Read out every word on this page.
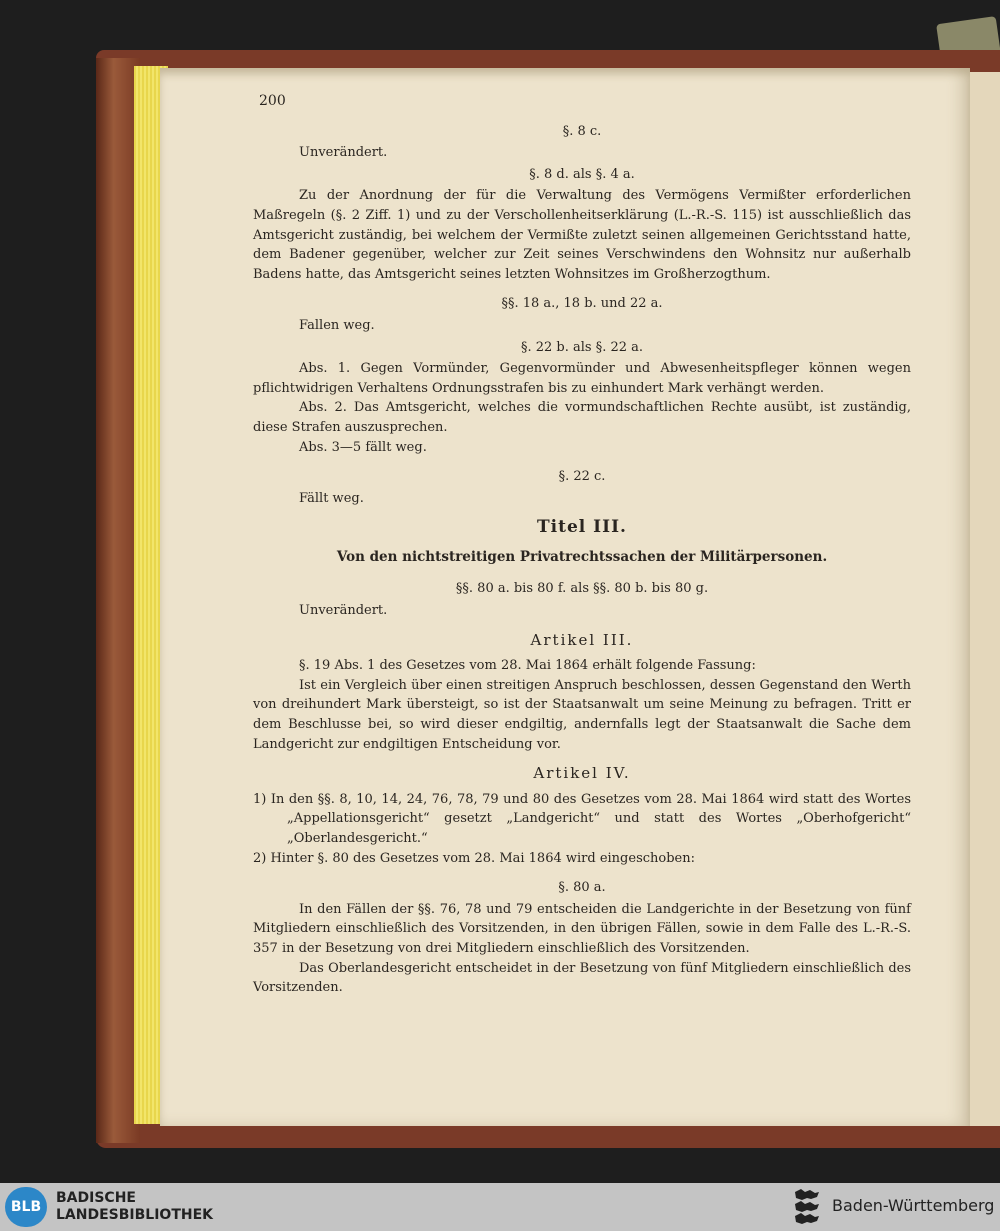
200
§. 8 c.

Unverändert.

§. 8 d. als §. 4 a.

Zu der Anordnung der für die Verwaltung des Vermögens Vermißter erforderlichen Maßregeln (§. 2 Ziff. 1) und zu der Verschollenheitserklärung (L.-R.-S. 115) ist ausschließlich das Amtsgericht zuständig, bei welchem der Vermißte zuletzt seinen allgemeinen Gerichtsstand hatte, dem Badener gegenüber, welcher zur Zeit seines Verschwindens den Wohnsitz nur außerhalb Badens hatte, das Amtsgericht seines letzten Wohnsitzes im Großherzogthum.

§§. 18 a., 18 b. und 22 a.

Fallen weg.

§. 22 b. als §. 22 a.

Abs. 1. Gegen Vormünder, Gegenvormünder und Abwesenheitspfleger können wegen pflichtwidrigen Verhaltens Ordnungsstrafen bis zu einhundert Mark verhängt werden.

Abs. 2. Das Amtsgericht, welches die vormundschaftlichen Rechte ausübt, ist zuständig, diese Strafen auszusprechen.

Abs. 3—5 fällt weg.

§. 22 c.

Fällt weg.

Titel III.
Von den nichtstreitigen Privatrechtssachen der Militärpersonen.
§§. 80 a. bis 80 f. als §§. 80 b. bis 80 g.

Unverändert.

Artikel III.

§. 19 Abs. 1 des Gesetzes vom 28. Mai 1864 erhält folgende Fassung:

Ist ein Vergleich über einen streitigen Anspruch beschlossen, dessen Gegenstand den Werth von dreihundert Mark übersteigt, so ist der Staatsanwalt um seine Meinung zu befragen. Tritt er dem Beschlusse bei, so wird dieser endgiltig, andernfalls legt der Staatsanwalt die Sache dem Landgericht zur endgiltigen Entscheidung vor.

Artikel IV.

1) In den §§. 8, 10, 14, 24, 76, 78, 79 und 80 des Gesetzes vom 28. Mai 1864 wird statt des Wortes „Appellationsgericht“ gesetzt „Landgericht“ und statt des Wortes „Oberhofgericht“ „Oberlandesgericht.“

2) Hinter §. 80 des Gesetzes vom 28. Mai 1864 wird eingeschoben:

§. 80 a.

In den Fällen der §§. 76, 78 und 79 entscheiden die Landgerichte in der Besetzung von fünf Mitgliedern einschließlich des Vorsitzenden, in den übrigen Fällen, sowie in dem Falle des L.-R.-S. 357 in der Besetzung von drei Mitgliedern einschließlich des Vorsitzenden.

Das Oberlandesgericht entscheidet in der Besetzung von fünf Mitgliedern einschließlich des Vorsitzenden.

BLB
BADISCHE
LANDESBIBLIOTHEK	Baden-Württemberg
